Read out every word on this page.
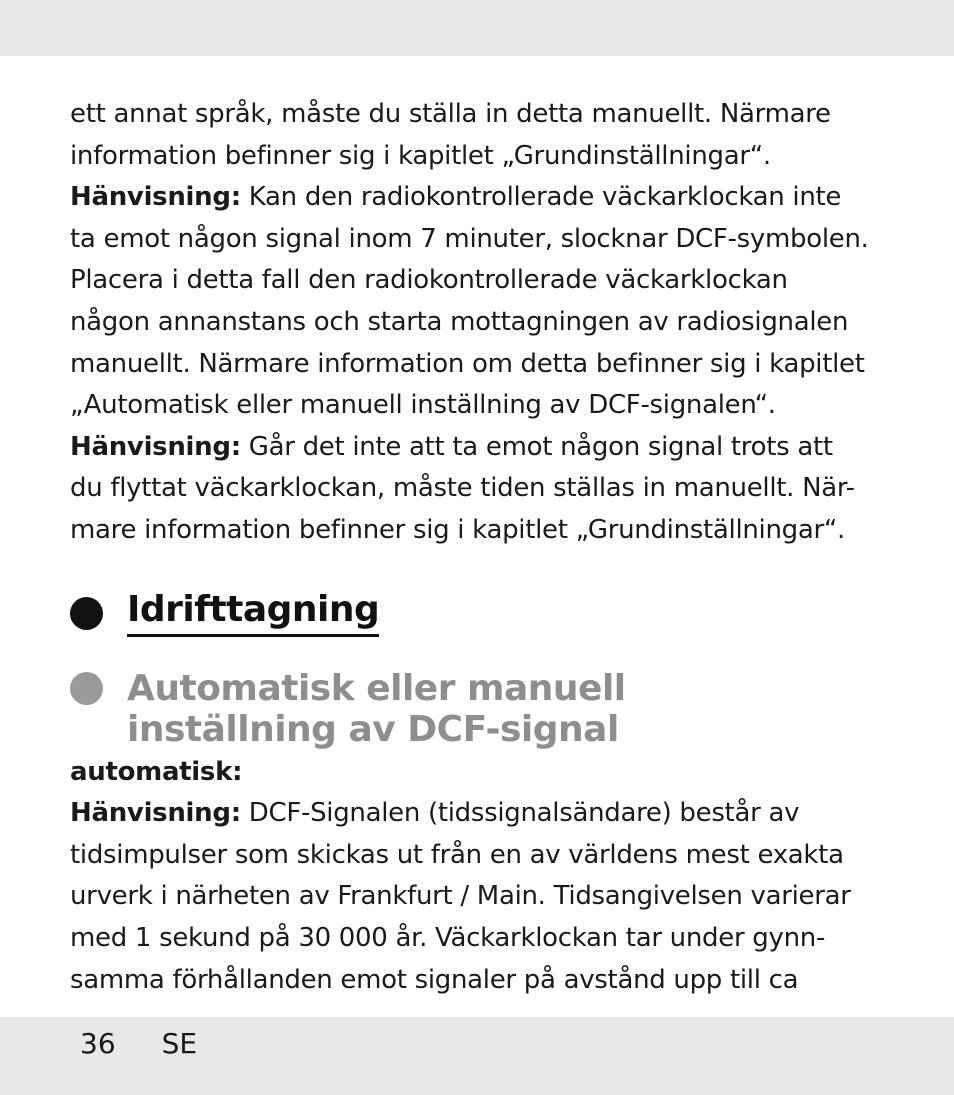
ett annat språk, måste du ställa in detta manuellt. Närmare
information befinner sig i kapitlet „Grundinställningar“.

Hänvisning: Kan den radiokontrollerade väckarklockan inte
ta emot någon signal inom 7 minuter, slocknar DCF-symbolen.
Placera i detta fall den radiokontrollerade väckarklockan
någon annanstans och starta mottagningen av radiosignalen
manuellt. Närmare information om detta befinner sig i kapitlet
„Automatisk eller manuell inställning av DCF-signalen“.

Hänvisning: Går det inte att ta emot någon signal trots att
du flyttat väckarklockan, måste tiden ställas in manuellt. När-
mare information befinner sig i kapitlet „Grundinställningar“.

Idrifttagning
Automatisk eller manuell
inställning av DCF-signal

automatisk:

Hänvisning: DCF-Signalen (tidssignalsändare) består av
tidsimpulser som skickas ut från en av världens mest exakta
urverk i närheten av Frankfurt / Main. Tidsangivelsen varierar
med 1 sekund på 30 000 år. Väckarklockan tar under gynn-
samma förhållanden emot signaler på avstånd upp till ca

36 SE
